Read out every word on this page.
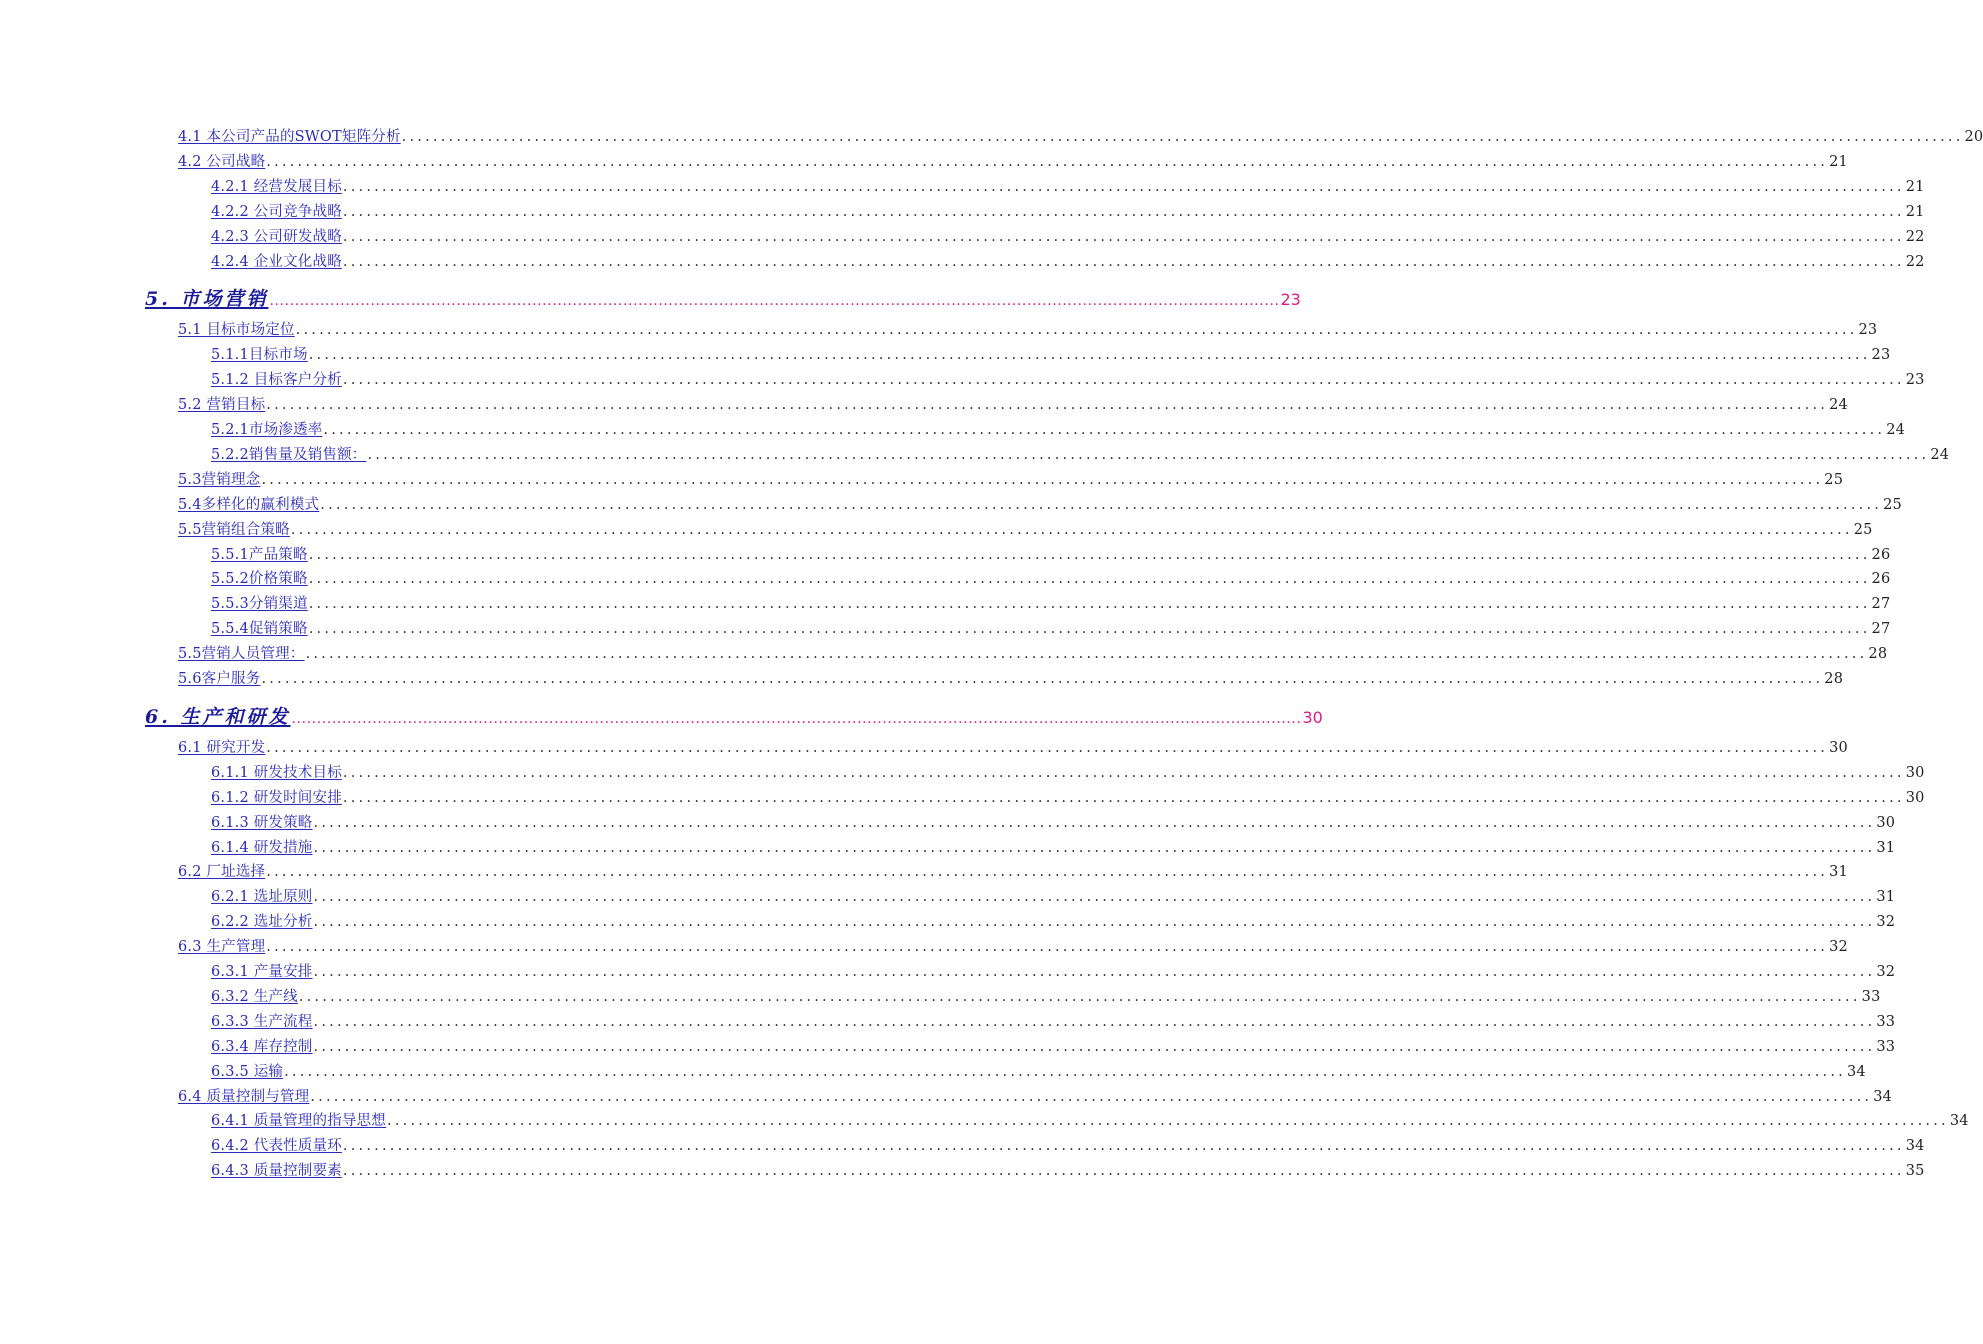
4.1 本公司产品的SWOT矩阵分析 ........................................................................................................................................................................................................ 20
4.2 公司战略 ........................................................................................................................................................................................................ 21
4.2.1 经营发展目标 ........................................................................................................................................................................................................ 21
4.2.2 公司竞争战略 ........................................................................................................................................................................................................ 21
4.2.3 公司研发战略 ........................................................................................................................................................................................................ 22
4.2.4 企业文化战略 ........................................................................................................................................................................................................ 22
5. 市场营销 ........................................................................................................................................................................................................ 23
5.1 目标市场定位 ........................................................................................................................................................................................................ 23
5.1.1目标市场 ........................................................................................................................................................................................................ 23
5.1.2 目标客户分析 ........................................................................................................................................................................................................ 23
5.2 营销目标 ........................................................................................................................................................................................................ 24
5.2.1市场渗透率 ........................................................................................................................................................................................................ 24
5.2.2销售量及销售额： ........................................................................................................................................................................................................ 24
5.3营销理念 ........................................................................................................................................................................................................ 25
5.4多样化的赢利模式 ........................................................................................................................................................................................................ 25
5.5营销组合策略 ........................................................................................................................................................................................................ 25
5.5.1产品策略 ........................................................................................................................................................................................................ 26
5.5.2价格策略 ........................................................................................................................................................................................................ 26
5.5.3分销渠道 ........................................................................................................................................................................................................ 27
5.5.4促销策略 ........................................................................................................................................................................................................ 27
5.5营销人员管理： ........................................................................................................................................................................................................ 28
5.6客户服务 ........................................................................................................................................................................................................ 28
6. 生产和研发 ........................................................................................................................................................................................................ 30
6.1 研究开发 ........................................................................................................................................................................................................ 30
6.1.1 研发技术目标 ........................................................................................................................................................................................................ 30
6.1.2 研发时间安排 ........................................................................................................................................................................................................ 30
6.1.3 研发策略 ........................................................................................................................................................................................................ 30
6.1.4 研发措施 ........................................................................................................................................................................................................ 31
6.2 厂址选择 ........................................................................................................................................................................................................ 31
6.2.1 选址原则 ........................................................................................................................................................................................................ 31
6.2.2 选址分析 ........................................................................................................................................................................................................ 32
6.3 生产管理 ........................................................................................................................................................................................................ 32
6.3.1 产量安排 ........................................................................................................................................................................................................ 32
6.3.2 生产线 ........................................................................................................................................................................................................ 33
6.3.3 生产流程 ........................................................................................................................................................................................................ 33
6.3.4 库存控制 ........................................................................................................................................................................................................ 33
6.3.5 运输 ........................................................................................................................................................................................................ 34
6.4 质量控制与管理 ........................................................................................................................................................................................................ 34
6.4.1 质量管理的指导思想 ........................................................................................................................................................................................................ 34
6.4.2 代表性质量环 ........................................................................................................................................................................................................ 34
6.4.3 质量控制要素 ........................................................................................................................................................................................................ 35
